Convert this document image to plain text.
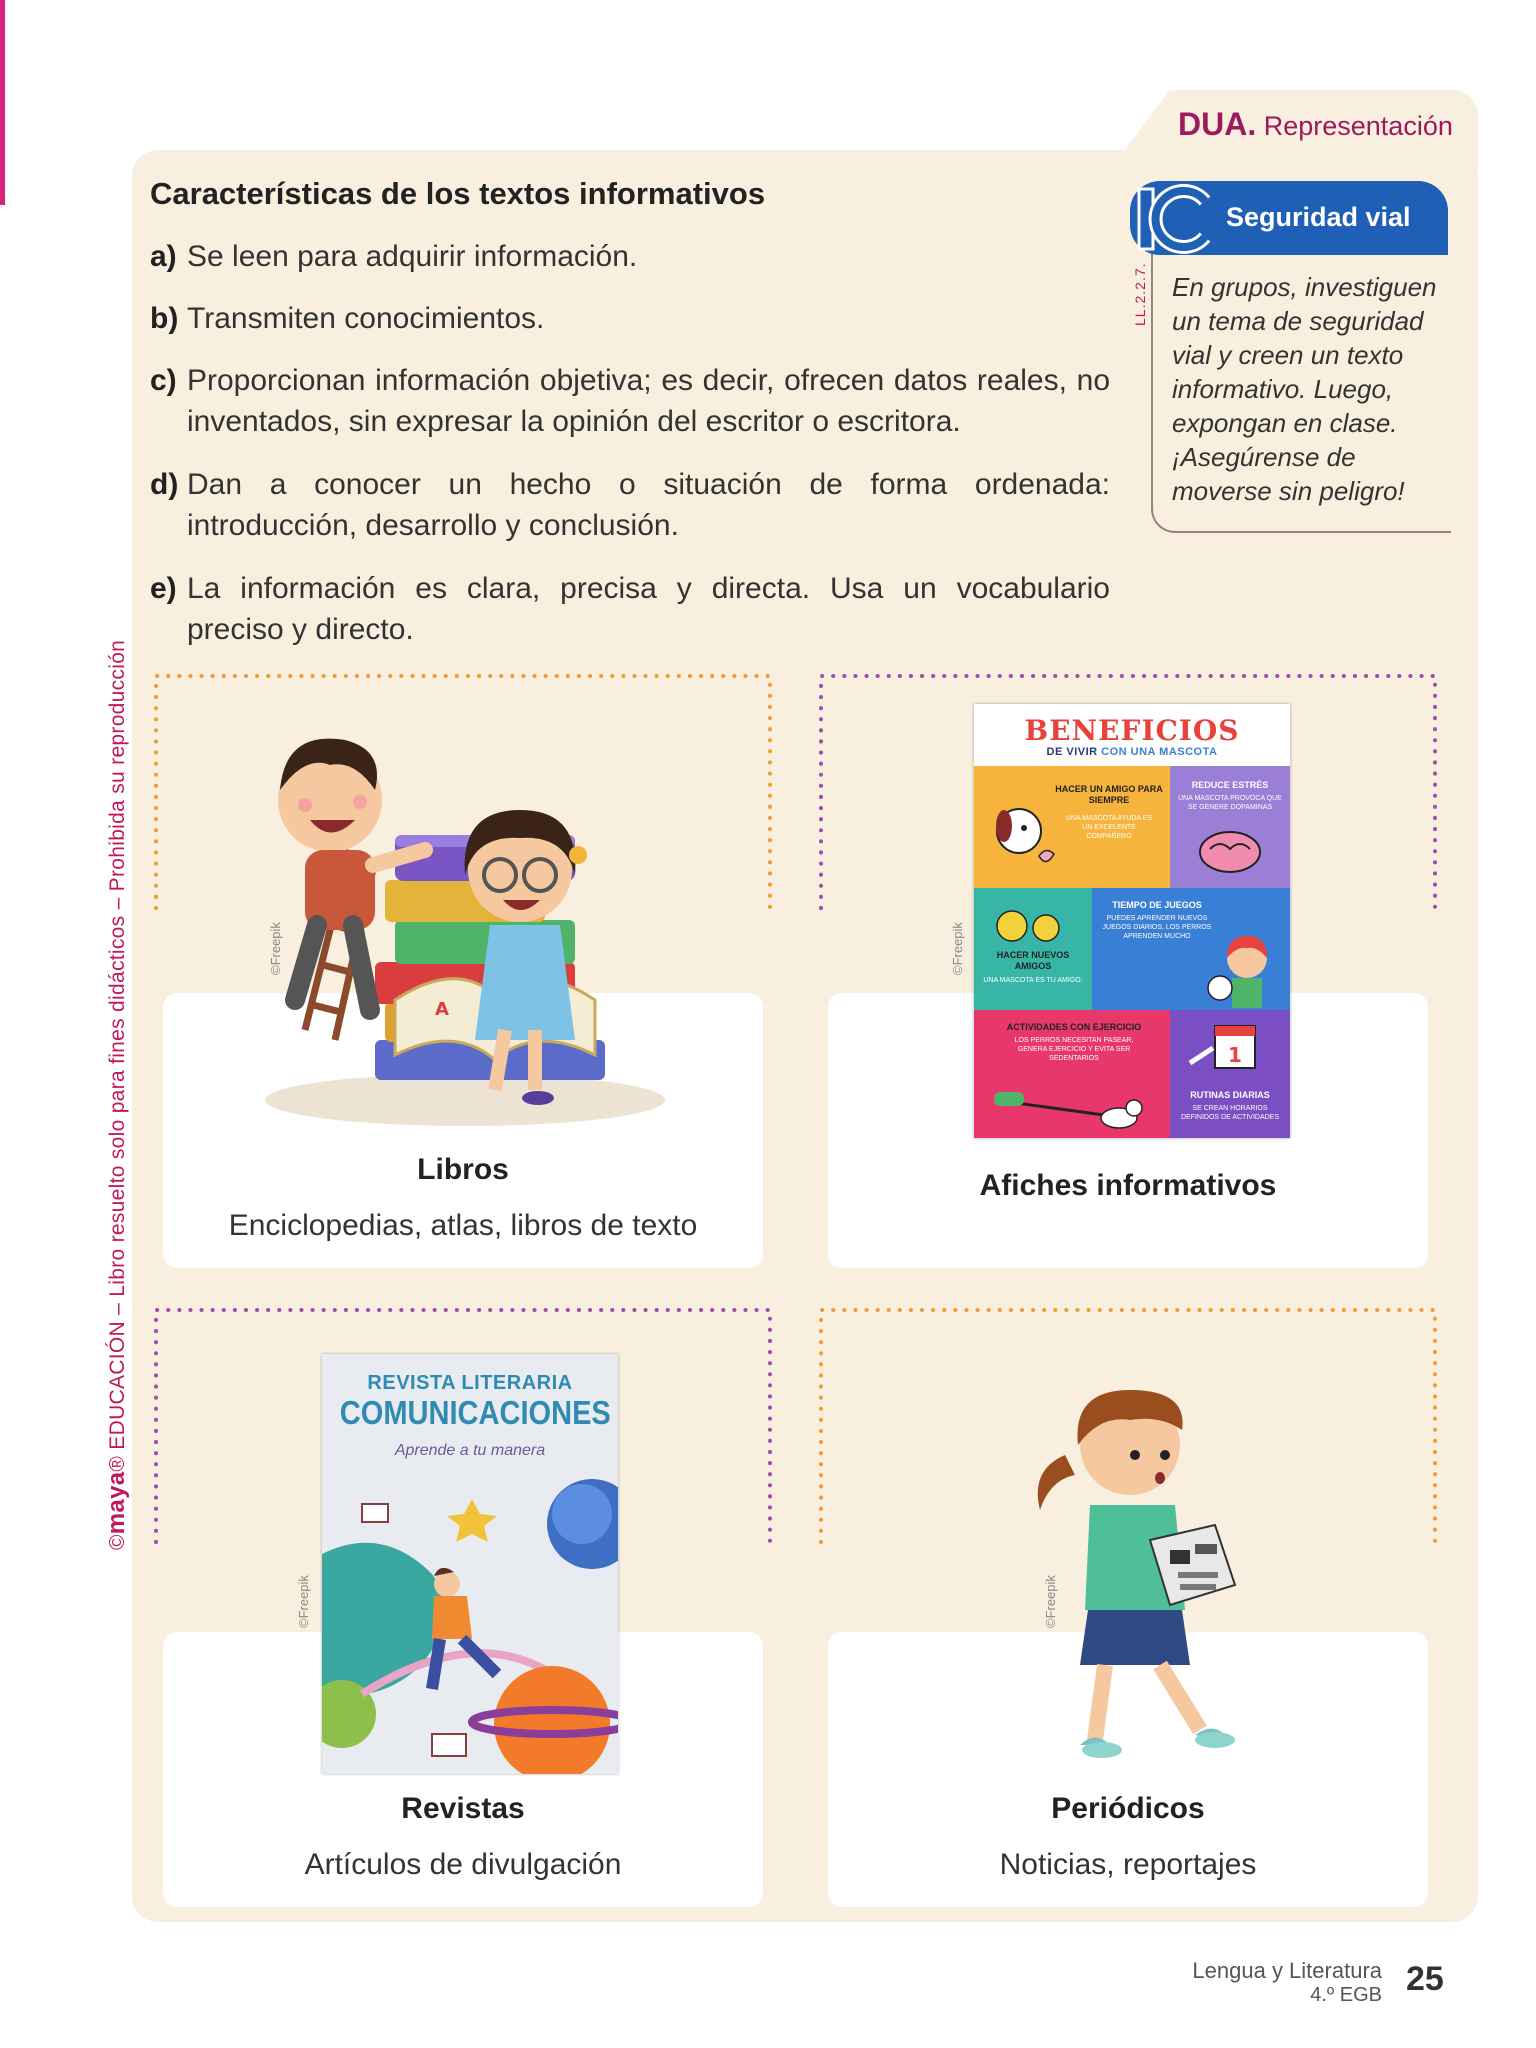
©maya® EDUCACIÓN – Libro resuelto solo para fines didácticos – Prohibida su reproducción
DUA. Representación
Características de los textos informativos
a) Se leen para adquirir información.
b) Transmiten conocimientos.
c) Proporcionan información objetiva; es decir, ofrecen datos reales, no inventados, sin expresar la opinión del escritor o escritora.
d) Dan a conocer un hecho o situación de forma ordenada: introducción, desarrollo y conclusión.
e) La información es clara, precisa y directa. Usa un vocabulario preciso y directo.
Seguridad vial
LL.2.2.7. En grupos, investiguen un tema de seguridad vial y creen un texto informativo. Luego, expongan en clase. ¡Asegúrense de moverse sin peligro!
Libros
Enciclopedias, atlas, libros de texto
Afiches informativos
Revistas
Artículos de divulgación
Periódicos
Noticias, reportajes
©Freepik	©Freepik
©Freepik	©Freepik
A
BENEFICIOS
DE VIVIR CON UNA MASCOTA
HACER UN AMIGO PARA SIEMPRE
UNA MASCOTA AYUDA ES UN EXCELENTE COMPAÑERO
REDUCE ESTRÉS
UNA MASCOTA PROVOCA QUE SE GENERE DOPAMINAS
HACER NUEVOS AMIGOS
UNA MASCOTA ES TU AMIGO.
TIEMPO DE JUEGOS
PUEDES APRENDER NUEVOS JUEGOS DIARIOS, LOS PERROS APRENDEN MUCHO
ACTIVIDADES CON EJERCICIO
LOS PERROS NECESITAN PASEAR, GENERA EJERCICIO Y EVITA SER SEDENTARIOS	1
RUTINAS DIARIAS
SE CREAN HORARIOS DEFINIDOS DE ACTIVIDADES
REVISTA LITERARIA
COMUNICACIONES
Aprende a tu manera
Lengua y Literatura
4.º EGB 25
